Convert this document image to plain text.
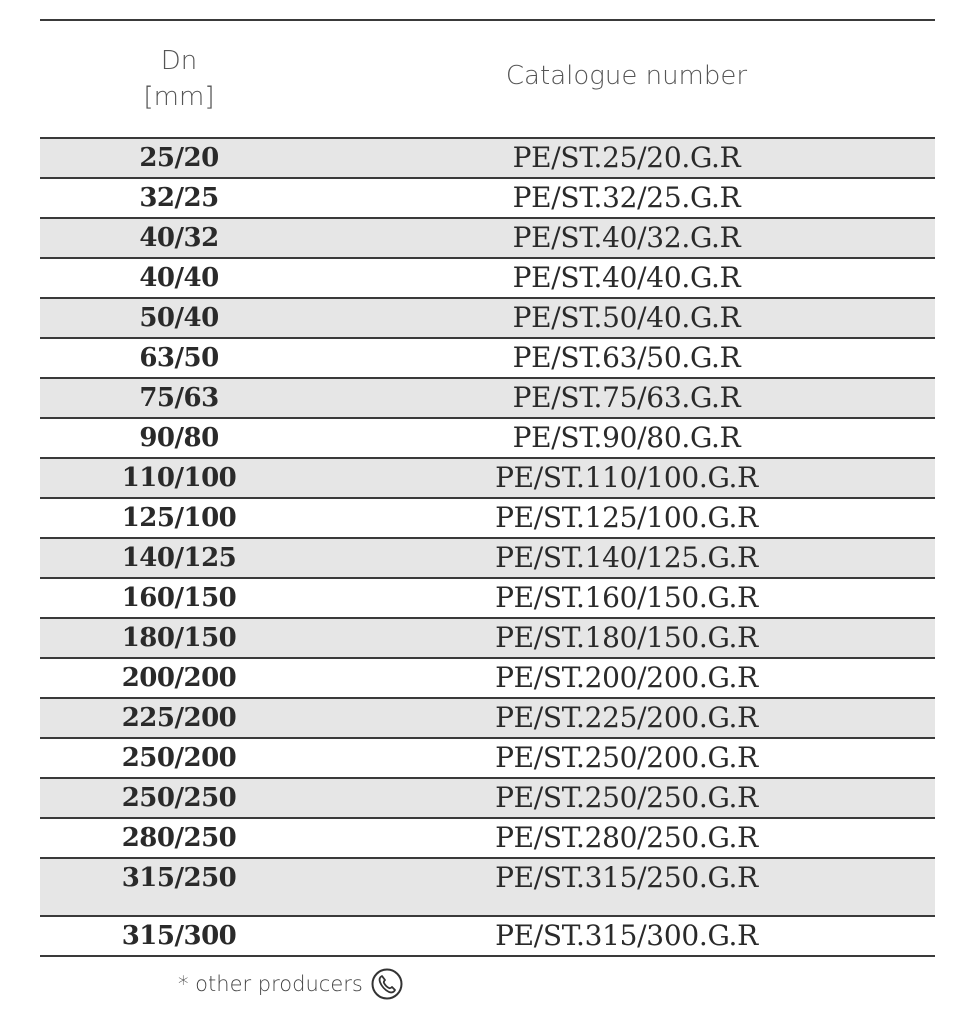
Dn
[mm]
Catalogue number
25/20	PE/ST.25/20.G.R
32/25	PE/ST.32/25.G.R
40/32	PE/ST.40/32.G.R
40/40	PE/ST.40/40.G.R
50/40	PE/ST.50/40.G.R
63/50	PE/ST.63/50.G.R
75/63	PE/ST.75/63.G.R
90/80	PE/ST.90/80.G.R
110/100	PE/ST.110/100.G.R
125/100	PE/ST.125/100.G.R
140/125	PE/ST.140/125.G.R
160/150	PE/ST.160/150.G.R
180/150	PE/ST.180/150.G.R
200/200	PE/ST.200/200.G.R
225/200	PE/ST.225/200.G.R
250/200	PE/ST.250/200.G.R
250/250	PE/ST.250/250.G.R
280/250	PE/ST.280/250.G.R
315/250	PE/ST.315/250.G.R
315/300	PE/ST.315/300.G.R
* other producers
